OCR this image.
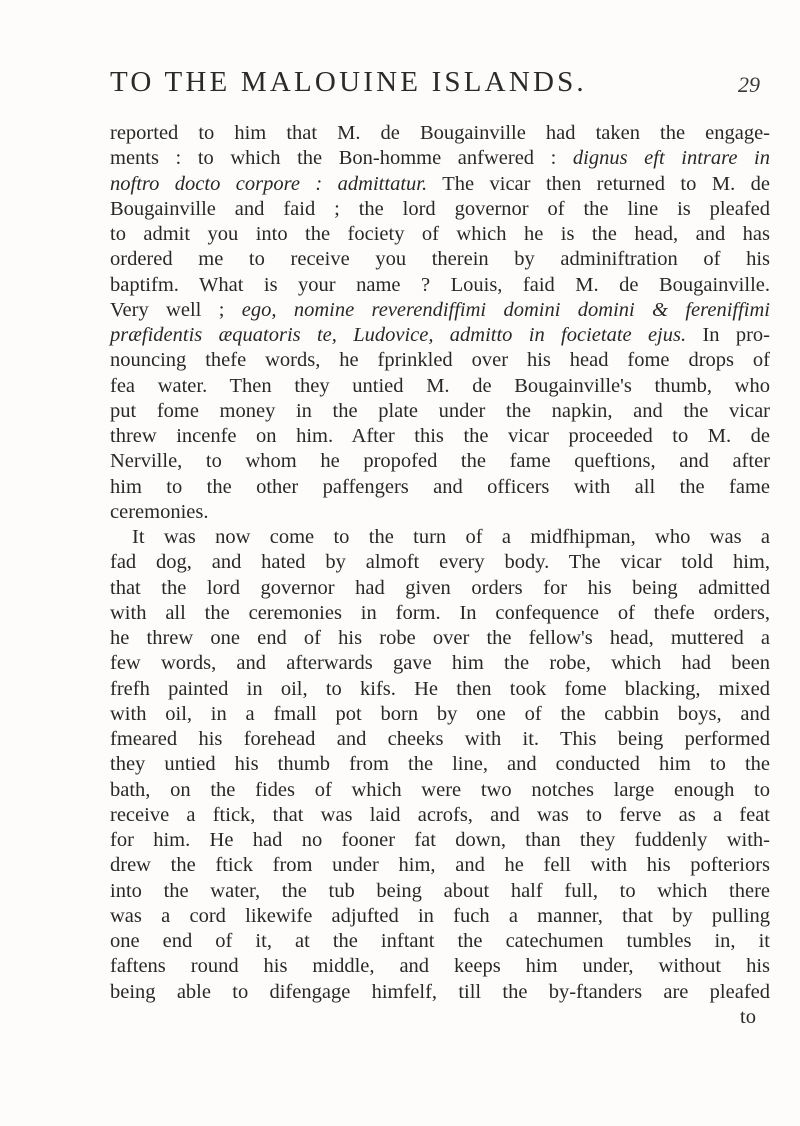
TO THE MALOUINE ISLANDS.	29
reported to him that M. de Bougainville had taken the engage-
ments : to which the Bon-homme anfwered : dignus eft intrare in
noftro docto corpore : admittatur. The vicar then returned to M. de
Bougainville and faid ; the lord governor of the line is pleafed
to admit you into the fociety of which he is the head, and has
ordered me to receive you therein by adminiftration of his
baptifm. What is your name ? Louis, faid M. de Bougainville.
Very well ; ego, nomine reverendiffimi domini domini & fereniffimi
præfidentis æquatoris te, Ludovice, admitto in focietate ejus. In pro-
nouncing thefe words, he fprinkled over his head fome drops of
fea water. Then they untied M. de Bougainville's thumb, who
put fome money in the plate under the napkin, and the vicar
threw incenfe on him. After this the vicar proceeded to M. de
Nerville, to whom he propofed the fame queftions, and after
him to the other paffengers and officers with all the fame
ceremonies.
It was now come to the turn of a midfhipman, who was a
fad dog, and hated by almoft every body. The vicar told him,
that the lord governor had given orders for his being admitted
with all the ceremonies in form. In confequence of thefe orders,
he threw one end of his robe over the fellow's head, muttered a
few words, and afterwards gave him the robe, which had been
frefh painted in oil, to kifs. He then took fome blacking, mixed
with oil, in a fmall pot born by one of the cabbin boys, and
fmeared his forehead and cheeks with it. This being performed
they untied his thumb from the line, and conducted him to the
bath, on the fides of which were two notches large enough to
receive a ftick, that was laid acrofs, and was to ferve as a feat
for him. He had no fooner fat down, than they fuddenly with-
drew the ftick from under him, and he fell with his pofteriors
into the water, the tub being about half full, to which there
was a cord likewife adjufted in fuch a manner, that by pulling
one end of it, at the inftant the catechumen tumbles in, it
faftens round his middle, and keeps him under, without his
being able to difengage himfelf, till the by-ftanders are pleafed
to
